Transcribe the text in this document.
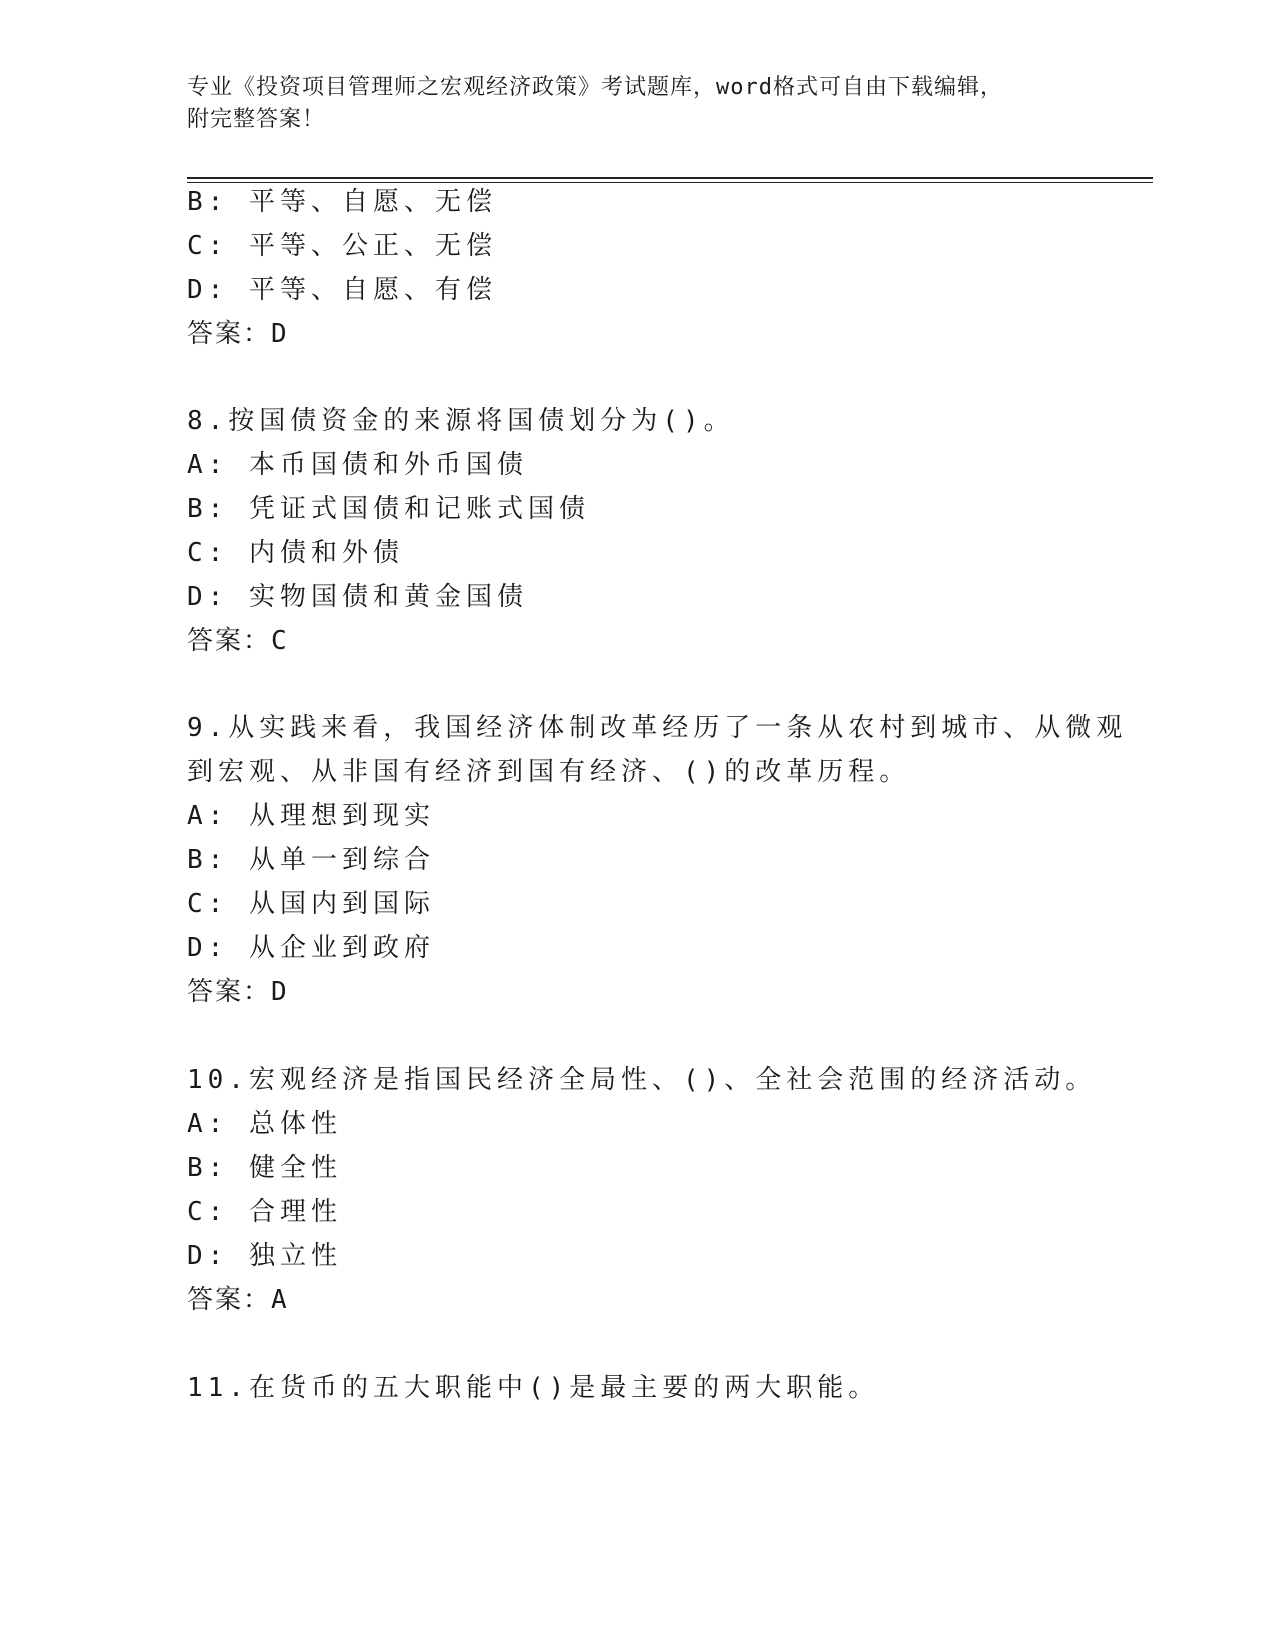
专业《投资项目管理师之宏观经济政策》考试题库，word格式可自由下载编辑，
附完整答案！
B: 平等、自愿、无偿
C: 平等、公正、无偿
D: 平等、自愿、有偿
答案：D
8.按国债资金的来源将国债划分为()。
A: 本币国债和外币国债
B: 凭证式国债和记账式国债
C: 内债和外债
D: 实物国债和黄金国债
答案：C
9.从实践来看，我国经济体制改革经历了一条从农村到城市、从微观
到宏观、从非国有经济到国有经济、()的改革历程。
A: 从理想到现实
B: 从单一到综合
C: 从国内到国际
D: 从企业到政府
答案：D
10.宏观经济是指国民经济全局性、()、全社会范围的经济活动。
A: 总体性
B: 健全性
C: 合理性
D: 独立性
答案：A
11.在货币的五大职能中()是最主要的两大职能。
